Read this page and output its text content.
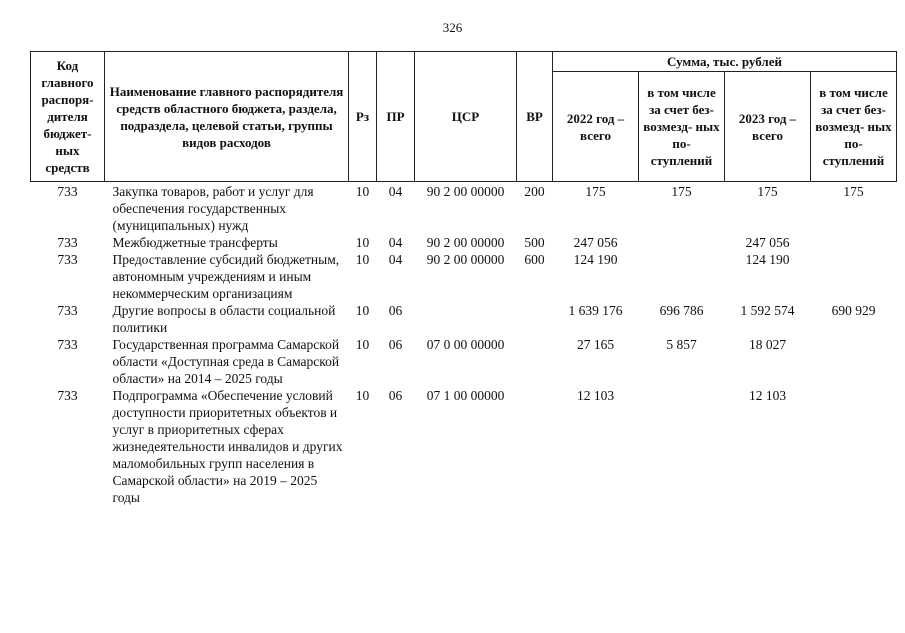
326
Код главного распоря- дителя бюджет- ных средств	Наименование главного распорядителя средств областного бюджета, раздела, подраздела, целевой статьи, группы видов расходов	Рз	ПР	ЦСР	ВР	Сумма, тыс. рублей			
						2022 год – всего	в том числе за счет без- возмезд- ных по- ступлений	2023 год – всего	в том числе за счет без- возмезд- ных по- ступлений
733	Закупка товаров, работ и услуг для обеспечения государственных (муниципальных) нужд	10	04	90 2 00 00000	200	175	175	175	175
733	Межбюджетные трансферты	10	04	90 2 00 00000	500	247 056		247 056	
733	Предоставление субсидий бюджетным, автономным учреждениям и иным некоммерческим организациям	10	04	90 2 00 00000	600	124 190		124 190	
733	Другие вопросы в области социальной политики	10	06			1 639 176	696 786	1 592 574	690 929
733	Государственная программа Самарской области «Доступная среда в Самарской области» на 2014 – 2025 годы	10	06	07 0 00 00000		27 165	5 857	18 027	
733	Подпрограмма «Обеспечение условий доступности приоритетных объектов и услуг в приоритетных сферах жизнедеятельности инвалидов и других маломобильных групп населения в Самарской области» на 2019 – 2025 годы	10	06	07 1 00 00000		12 103		12 103	
